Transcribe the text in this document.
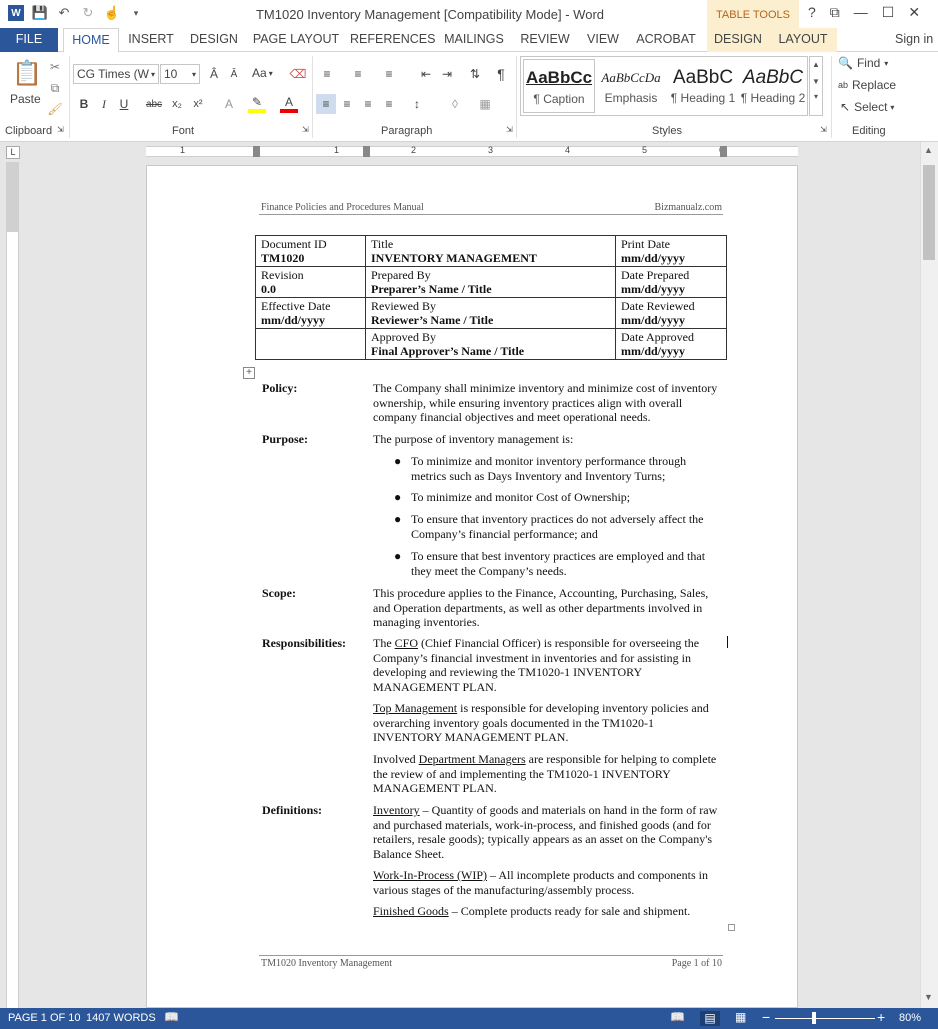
W 💾 ↶ ↻ ☝	▾	TM1020 Inventory Management [Compatibility Mode] - Word	TABLE TOOLS	? ⧉ — ☐ ✕
FILE	HOME	INSERT	DESIGN	PAGE LAYOUT REFERENCES MAILINGS REVIEW	VIEW	ACROBAT	DESIGN	LAYOUT	Sign in
📋
Paste
✂
⧉
🖌
Clipboard ⇲
CG Times (W ▾ 10 ▾	Â	Ǎ	Aa ▾ ⌫
B	I	U	abc x₂	x²	A	✎	A
Font	⇲
≡	≡	≡	⇤ ⇥	⇅	¶
≡	≡	≡	≡	↕	◊	▦
Paragraph	⇲	Styles	⇲
🔍 Find ▾
ab Replace
↖ Select ▾
Editing
AaBbCc
¶ Caption
AaBbCcDa
Emphasis
AaBbC
¶ Heading 1
AaBbC
¶ Heading 2
▲
▼
▾
L	1	1	2	3	4	5	▲
▼
Finance Policies and Procedures Manual	Bizmanualz.com
Document ID
TM1020	Title
INVENTORY MANAGEMENT	Print Date
mm/dd/yyyy

Revision
0.0	Prepared By
Preparer’s Name / Title	Date Prepared
mm/dd/yyyy

Effective Date
mm/dd/yyyy	Reviewed By
Reviewer’s Name / Title	Date Reviewed
mm/dd/yyyy

	Approved By
Final Approver’s Name / Title	Date Approved
mm/dd/yyyy
+
Policy:	The Company shall minimize inventory and minimize cost of inventory ownership, while ensuring inventory practices align with overall company financial objectives and meet operational needs.
Purpose:	The purpose of inventory management is:
● To minimize and monitor inventory performance through metrics such as Days Inventory and Inventory Turns;
● To minimize and monitor Cost of Ownership;
● To ensure that inventory practices do not adversely affect the Company’s financial performance; and
● To ensure that best inventory practices are employed and that they meet the Company’s needs.
Scope:	This procedure applies to the Finance, Accounting, Purchasing, Sales, and Operation departments, as well as other departments involved in managing inventories.
Responsibilities: The CFO (Chief Financial Officer) is responsible for overseeing the Company’s financial investment in inventories and for assisting in developing and reviewing the TM1020-1 INVENTORY MANAGEMENT PLAN.
Top Management is responsible for developing inventory policies and overarching inventory goals documented in the TM1020-1 INVENTORY MANAGEMENT PLAN.
Involved Department Managers are responsible for helping to complete the review of and implementing the TM1020-1 INVENTORY MANAGEMENT PLAN.
Definitions:	Inventory – Quantity of goods and materials on hand in the form of raw and purchased materials, work-in-process, and finished goods (and for retailers, resale goods); typically appears as an asset on the Company's Balance Sheet.
Work-In-Process (WIP) – All incomplete products and components in various stages of the manufacturing/assembly process.
Finished Goods – Complete products ready for sale and shipment.
TM1020 Inventory Management	Page 1 of 10
PAGE 1 OF 10 1407 WORDS 📖	📖	▤	▦ −	+ 80%
